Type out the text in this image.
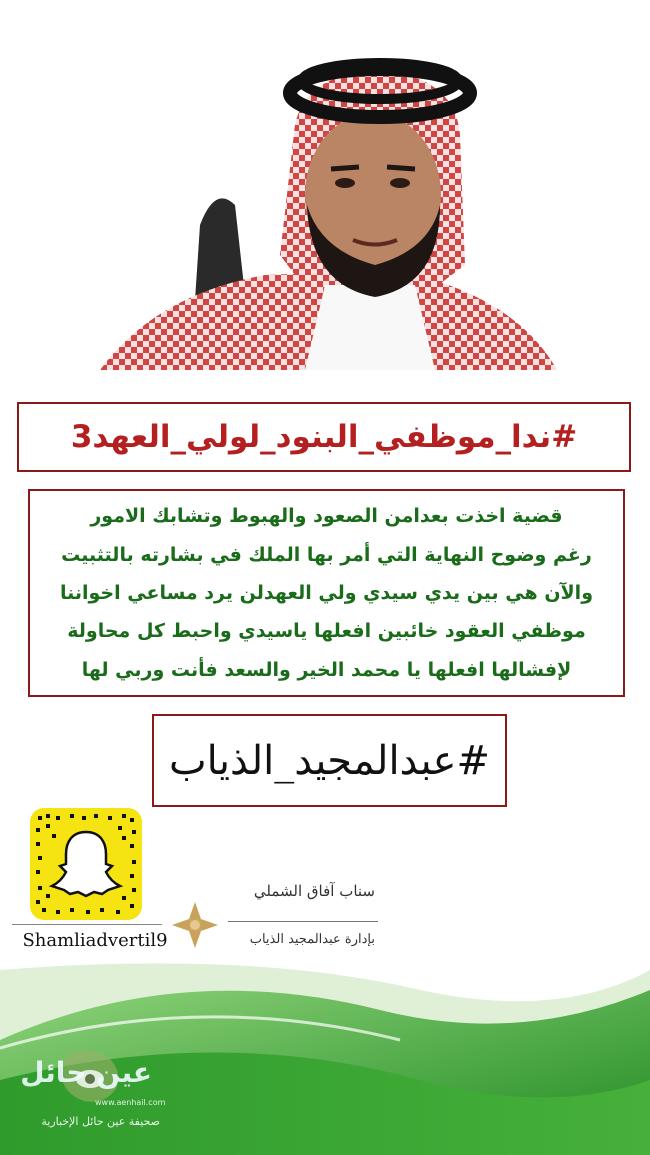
#ندا_موظفي_البنود_لولي_العهد3
قضية اخذت بعدامن الصعود والهبوط وتشابك الامور
رغم وضوح النهاية التي أمر بها الملك في بشارته بالتثبيت
والآن هي بين يدي سيدي ولي العهدلن يرد مساعي اخواننا
موظفي العقود خائبين افعلها ياسيدي واحبط كل محاولة
لإفشالها افعلها يا محمد الخير والسعد فأنت وربي لها
#عبدالمجيد_الذياب
Shamliadvertil9
سناب آفاق الشملي
بإدارة عبدالمجيد الذياب
عين حائل
www.aenhail.com
صحيفة عين حائل الإخبارية
